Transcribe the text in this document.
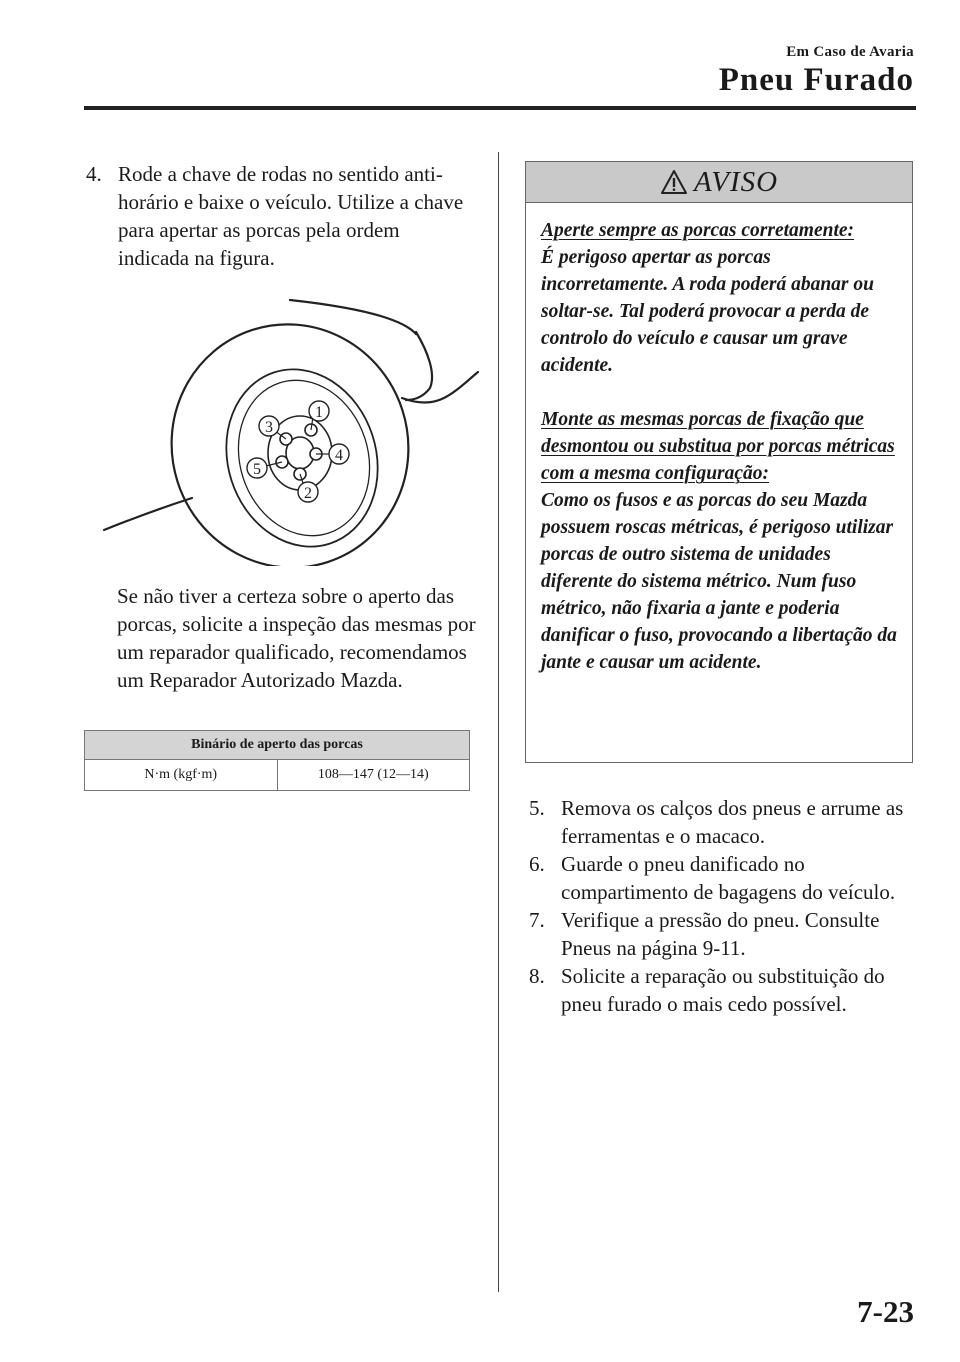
Em Caso de Avaria
Pneu Furado
4. Rode a chave de rodas no sentido anti-horário e baixe o veículo. Utilize a chave para apertar as porcas pela ordem indicada na figura.
1
4
2
5
3
Se não tiver a certeza sobre o aperto das porcas, solicite a inspeção das mesmas por um reparador qualificado, recomendamos um Reparador Autorizado Mazda.
Binário de aperto das porcas
N·m (kgf·m)	108—147 (12—14)
AVISO

Aperte sempre as porcas corretamente:

É perigoso apertar as porcas incorretamente. A roda poderá abanar ou soltar-se. Tal poderá provocar a perda de controlo do veículo e causar um grave acidente.

Monte as mesmas porcas de fixação que desmontou ou substitua por porcas métricas com a mesma configuração:

Como os fusos e as porcas do seu Mazda possuem roscas métricas, é perigoso utilizar porcas de outro sistema de unidades diferente do sistema métrico. Num fuso métrico, não fixaria a jante e poderia danificar o fuso, provocando a libertação da jante e causar um acidente.

5. Remova os calços dos pneus e arrume as ferramentas e o macaco.
6. Guarde o pneu danificado no compartimento de bagagens do veículo.
7. Verifique a pressão do pneu. Consulte Pneus na página 9-11.
8. Solicite a reparação ou substituição do pneu furado o mais cedo possível.
7-23
